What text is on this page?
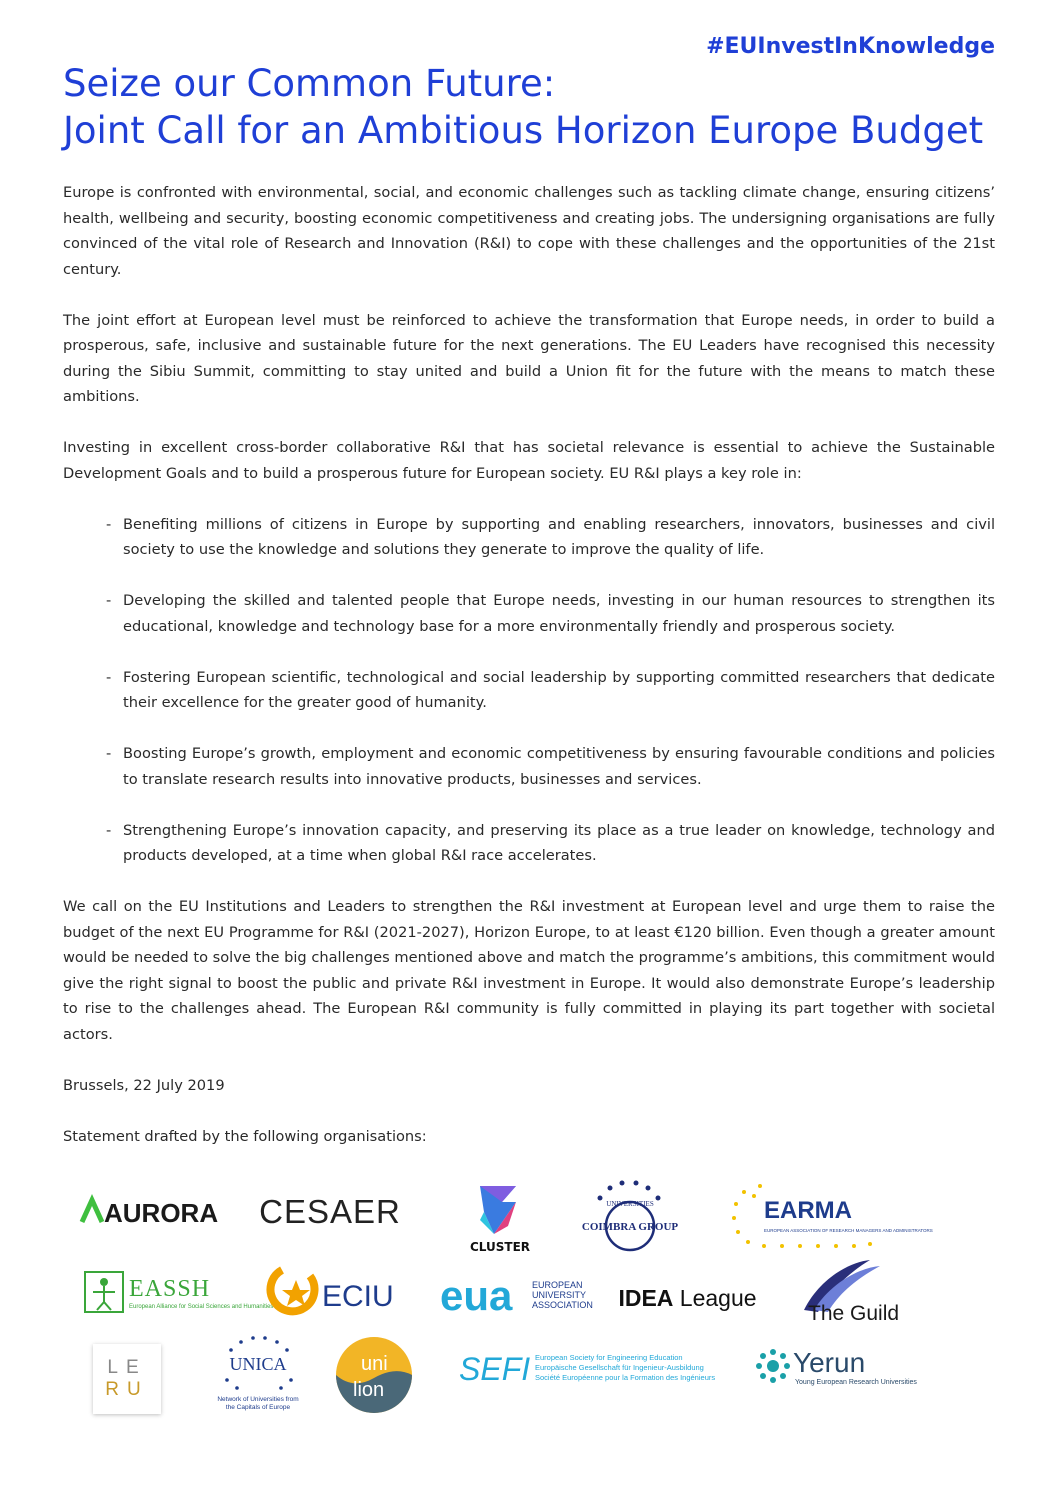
#EUInvestInKnowledge
Seize our Common Future:
Joint Call for an Ambitious Horizon Europe Budget

Europe is confronted with environmental, social, and economic challenges such as tackling climate change, ensuring citizens’ health, wellbeing and security, boosting economic competitiveness and creating jobs. The undersigning organisations are fully convinced of the vital role of Research and Innovation (R&I) to cope with these challenges and the opportunities of the 21st century.

The joint effort at European level must be reinforced to achieve the transformation that Europe needs, in order to build a prosperous, safe, inclusive and sustainable future for the next generations. The EU Leaders have recognised this necessity during the Sibiu Summit, committing to stay united and build a Union fit for the future with the means to match these ambitions.

Investing in excellent cross-border collaborative R&I that has societal relevance is essential to achieve the Sustainable Development Goals and to build a prosperous future for European society. EU R&I plays a key role in:

- Benefiting millions of citizens in Europe by supporting and enabling researchers, innovators, businesses and civil society to use the knowledge and solutions they generate to improve the quality of life.
- Developing the skilled and talented people that Europe needs, investing in our human resources to strengthen its educational, knowledge and technology base for a more environmentally friendly and prosperous society.
- Fostering European scientific, technological and social leadership by supporting committed researchers that dedicate their excellence for the greater good of humanity.
- Boosting Europe’s growth, employment and economic competitiveness by ensuring favourable conditions and policies to translate research results into innovative products, businesses and services.
- Strengthening Europe’s innovation capacity, and preserving its place as a true leader on knowledge, technology and products developed, at a time when global R&I race accelerates.

We call on the EU Institutions and Leaders to strengthen the R&I investment at European level and urge them to raise the budget of the next EU Programme for R&I (2021-2027), Horizon Europe, to at least €120 billion. Even though a greater amount would be needed to solve the big challenges mentioned above and match the programme’s ambitions, this commitment would give the right signal to boost the public and private R&I investment in Europe. It would also demonstrate Europe’s leadership to rise to the challenges ahead. The European R&I community is fully committed in playing its part together with societal actors.

Brussels, 22 July 2019

Statement drafted by the following organisations:

AURORA CESAER
CLUSTER
COIMBRA GROUP
UNIVERSITIES	EARMA
EUROPEAN ASSOCIATION OF RESEARCH MANAGERS AND ADMINISTRATORS
EASSH
European Alliance for Social Sciences and Humanities ECIU eua EUROPEAN
UNIVERSITY
ASSOCIATION IDEA League
The Guild
LE
RU
UNICA
Network of Universities from the Capitals of Europe
uni
lion
SEFI European Society for Engineering Education
Europäische Gesellschaft für Ingenieur-Ausbildung
Société Européenne pour la Formation des Ingénieurs	Yerun
Young European Research Universities
